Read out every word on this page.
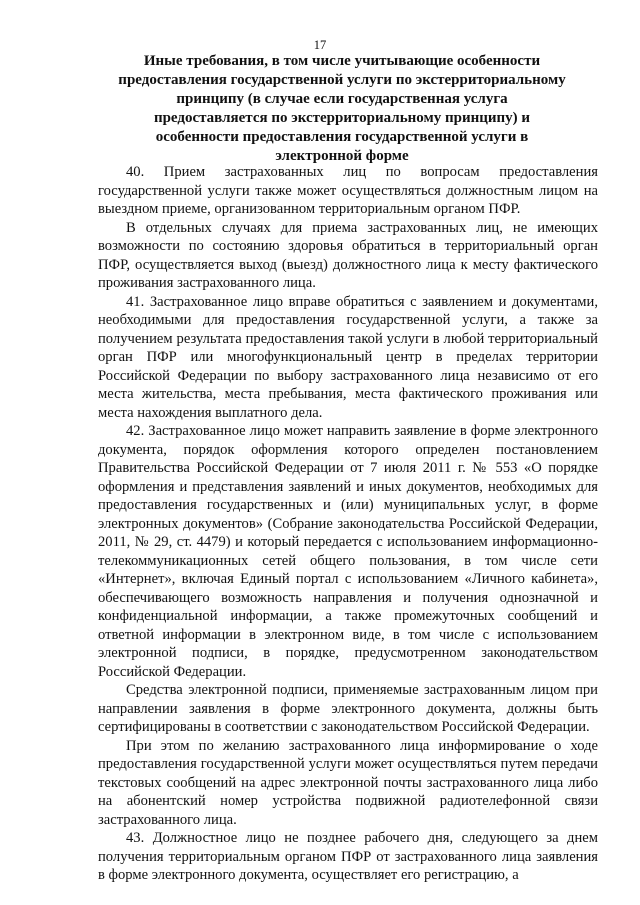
17
Иные требования, в том числе учитывающие особенности предоставления государственной услуги по экстерриториальному принципу (в случае если государственная услуга предоставляется по экстерриториальному принципу) и особенности предоставления государственной услуги в электронной форме

40. Прием застрахованных лиц по вопросам предоставления государственной услуги также может осуществляться должностным лицом на выездном приеме, организованном территориальным органом ПФР.

В отдельных случаях для приема застрахованных лиц, не имеющих возможности по состоянию здоровья обратиться в территориальный орган ПФР, осуществляется выход (выезд) должностного лица к месту фактического проживания застрахованного лица.

41. Застрахованное лицо вправе обратиться с заявлением и документами, необходимыми для предоставления государственной услуги, а также за получением результата предоставления такой услуги в любой территориальный орган ПФР или многофункциональный центр в пределах территории Российской Федерации по выбору застрахованного лица независимо от его места жительства, места пребывания, места фактического проживания или места нахождения выплатного дела.

42. Застрахованное лицо может направить заявление в форме электронного документа, порядок оформления которого определен постановлением Правительства Российской Федерации от 7 июля 2011 г. № 553 «О порядке оформления и представления заявлений и иных документов, необходимых для предоставления государственных и (или) муниципальных услуг, в форме электронных документов» (Собрание законодательства Российской Федерации, 2011, № 29, ст. 4479) и который передается с использованием информационно-телекоммуникационных сетей общего пользования, в том числе сети «Интернет», включая Единый портал с использованием «Личного кабинета», обеспечивающего возможность направления и получения однозначной и конфиденциальной информации, а также промежуточных сообщений и ответной информации в электронном виде, в том числе с использованием электронной подписи, в порядке, предусмотренном законодательством Российской Федерации.

Средства электронной подписи, применяемые застрахованным лицом при направлении заявления в форме электронного документа, должны быть сертифицированы в соответствии с законодательством Российской Федерации.

При этом по желанию застрахованного лица информирование о ходе предоставления государственной услуги может осуществляться путем передачи текстовых сообщений на адрес электронной почты застрахованного лица либо на абонентский номер устройства подвижной радиотелефонной связи застрахованного лица.

43. Должностное лицо не позднее рабочего дня, следующего за днем получения территориальным органом ПФР от застрахованного лица заявления в форме электронного документа, осуществляет его регистрацию, а
